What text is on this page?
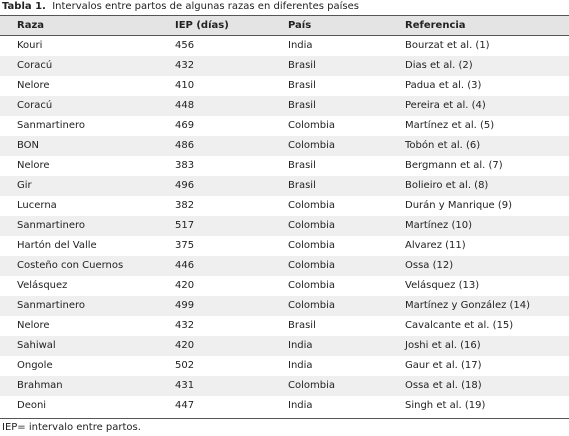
Tabla 1. Intervalos entre partos de algunas razas en diferentes países
Raza	IEP (días)	País	Referencia
Kouri	456	India	Bourzat et al. (1)
Coracú	432	Brasil	Dias et al. (2)
Nelore	410	Brasil	Padua et al. (3)
Coracú	448	Brasil	Pereira et al. (4)
Sanmartinero	469	Colombia	Martínez et al. (5)
BON	486	Colombia	Tobón et al. (6)
Nelore	383	Brasil	Bergmann et al. (7)
Gir	496	Brasil	Bolieiro et al. (8)
Lucerna	382	Colombia	Durán y Manrique (9)
Sanmartinero	517	Colombia	Martínez (10)
Hartón del Valle	375	Colombia	Alvarez (11)
Costeño con Cuernos	446	Colombia	Ossa (12)
Velásquez	420	Colombia	Velásquez (13)
Sanmartinero	499	Colombia	Martínez y González (14)
Nelore	432	Brasil	Cavalcante et al. (15)
Sahiwal	420	India	Joshi et al. (16)
Ongole	502	India	Gaur et al. (17)
Brahman	431	Colombia	Ossa et al. (18)
Deoni	447	India	Singh et al. (19)
IEP= intervalo entre partos.
